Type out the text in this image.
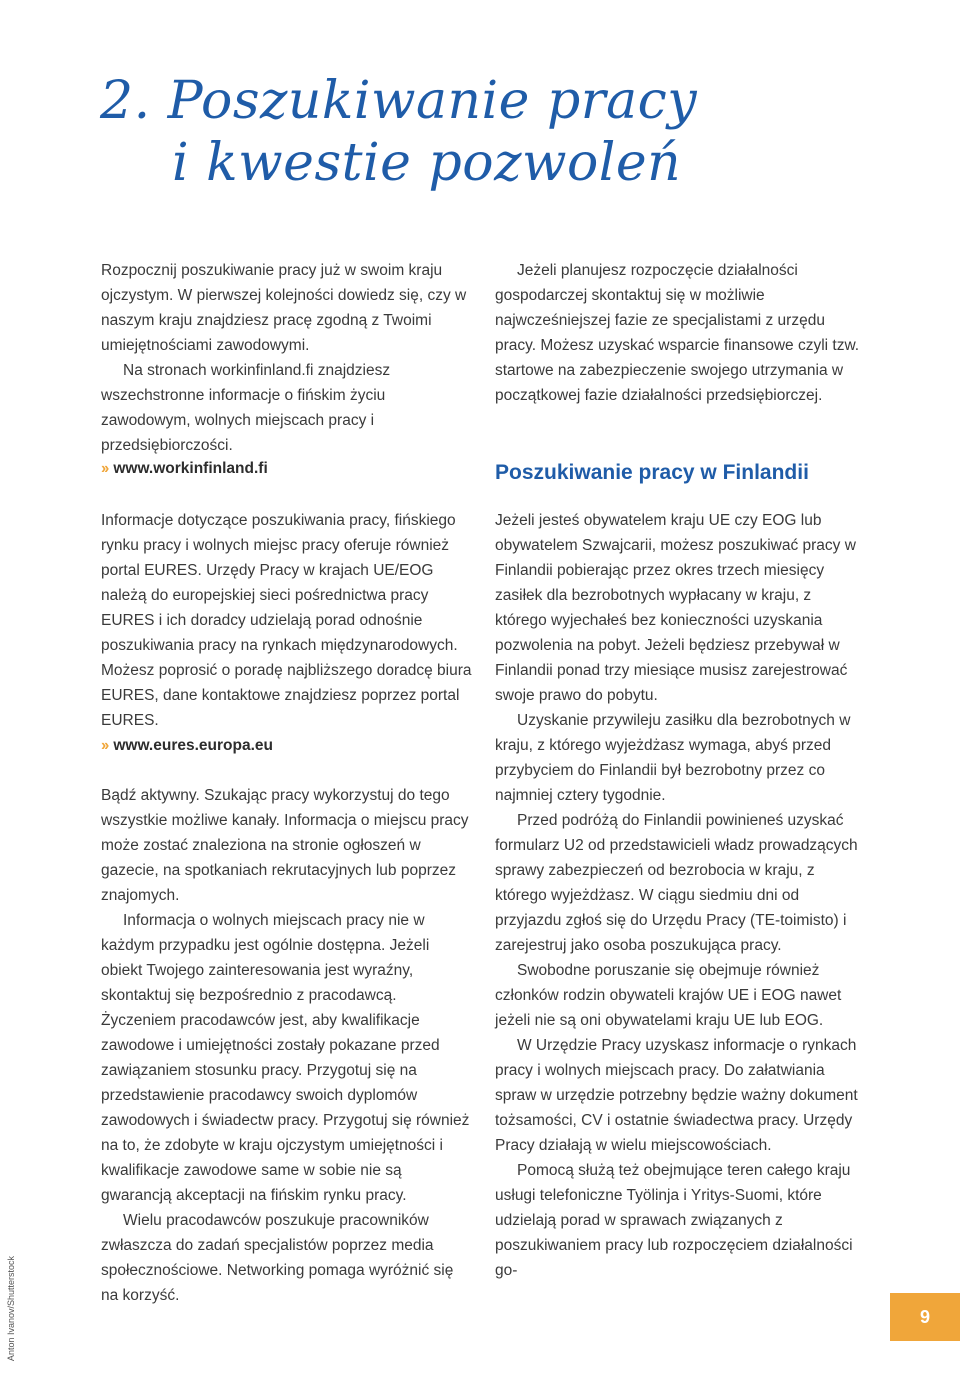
2. Poszukiwanie pracy
i kwestie pozwoleń

Rozpocznij poszukiwanie pracy już w swoim kraju ojczystym. W pierwszej kolejności dowiedz się, czy w naszym kraju znajdziesz pracę zgodną z Twoimi umiejętnościami zawodowymi.

Na stronach workinfinland.fi znajdziesz wszechstronne informacje o fińskim życiu zawodowym, wolnych miejscach pracy i przedsiębiorczości.

›› www.workinfinland.fi

Informacje dotyczące poszukiwania pracy, fińskiego rynku pracy i wolnych miejsc pracy oferuje również portal EURES. Urzędy Pracy w krajach UE/EOG należą do europejskiej sieci pośrednictwa pracy EURES i ich doradcy udzielają porad odnośnie poszukiwania pracy na rynkach międzynarodowych. Możesz poprosić o poradę najbliższego doradcę biura EURES, dane kontaktowe znajdziesz poprzez portal EURES.

›› www.eures.europa.eu

Bądź aktywny. Szukając pracy wykorzystuj do tego wszystkie możliwe kanały. Informacja o miejscu pracy może zostać znaleziona na stronie ogłoszeń w gazecie, na spotkaniach rekrutacyjnych lub poprzez znajomych.

Informacja o wolnych miejscach pracy nie w każdym przypadku jest ogólnie dostępna. Jeżeli obiekt Twojego zainteresowania jest wyraźny, skontaktuj się bezpośrednio z pracodawcą. Życzeniem pracodawców jest, aby kwalifikacje zawodowe i umiejętności zostały pokazane przed zawiązaniem stosunku pracy. Przygotuj się na przedstawienie pracodawcy swoich dyplomów zawodowych i świadectw pracy. Przygotuj się również na to, że zdobyte w kraju ojczystym umiejętności i kwalifikacje zawodowe same w sobie nie są gwarancją akceptacji na fińskim rynku pracy.

Wielu pracodawców poszukuje pracowników zwłaszcza do zadań specjalistów poprzez media społecznościowe. Networking pomaga wyróżnić się na korzyść.

Jeżeli planujesz rozpoczęcie działalności gospodarczej skontaktuj się w możliwie najwcześniejszej fazie ze specjalistami z urzędu pracy. Możesz uzyskać wsparcie finansowe czyli tzw. startowe na zabezpieczenie swojego utrzymania w początkowej fazie działalności przedsiębiorczej.

Poszukiwanie pracy w Finlandii

Jeżeli jesteś obywatelem kraju UE czy EOG lub obywatelem Szwajcarii, możesz poszukiwać pracy w Finlandii pobierając przez okres trzech miesięcy zasiłek dla bezrobotnych wypłacany w kraju, z którego wyjechałeś bez konieczności uzyskania pozwolenia na pobyt. Jeżeli będziesz przebywał w Finlandii ponad trzy miesiące musisz zarejestrować swoje prawo do pobytu.

Uzyskanie przywileju zasiłku dla bezrobotnych w kraju, z którego wyjeżdżasz wymaga, abyś przed przybyciem do Finlandii był bezrobotny przez co najmniej cztery tygodnie.

Przed podróżą do Finlandii powinieneś uzyskać formularz U2 od przedstawicieli władz prowadzących sprawy zabezpieczeń od bezrobocia w kraju, z którego wyjeżdżasz. W ciągu siedmiu dni od przyjazdu zgłoś się do Urzędu Pracy (TE-toimisto) i zarejestruj jako osoba poszukująca pracy.

Swobodne poruszanie się obejmuje również członków rodzin obywateli krajów UE i EOG nawet jeżeli nie są oni obywatelami kraju UE lub EOG.

W Urzędzie Pracy uzyskasz informacje o rynkach pracy i wolnych miejscach pracy. Do załatwiania spraw w urzędzie potrzebny będzie ważny dokument tożsamości, CV i ostatnie świadectwa pracy. Urzędy Pracy działają w wielu miejscowościach.

Pomocą służą też obejmujące teren całego kraju usługi telefoniczne Työlinja i Yritys-Suomi, które udzielają porad w sprawach związanych z poszukiwaniem pracy lub rozpoczęciem działalności go-

Anton Ivanov/Shutterstock	9
